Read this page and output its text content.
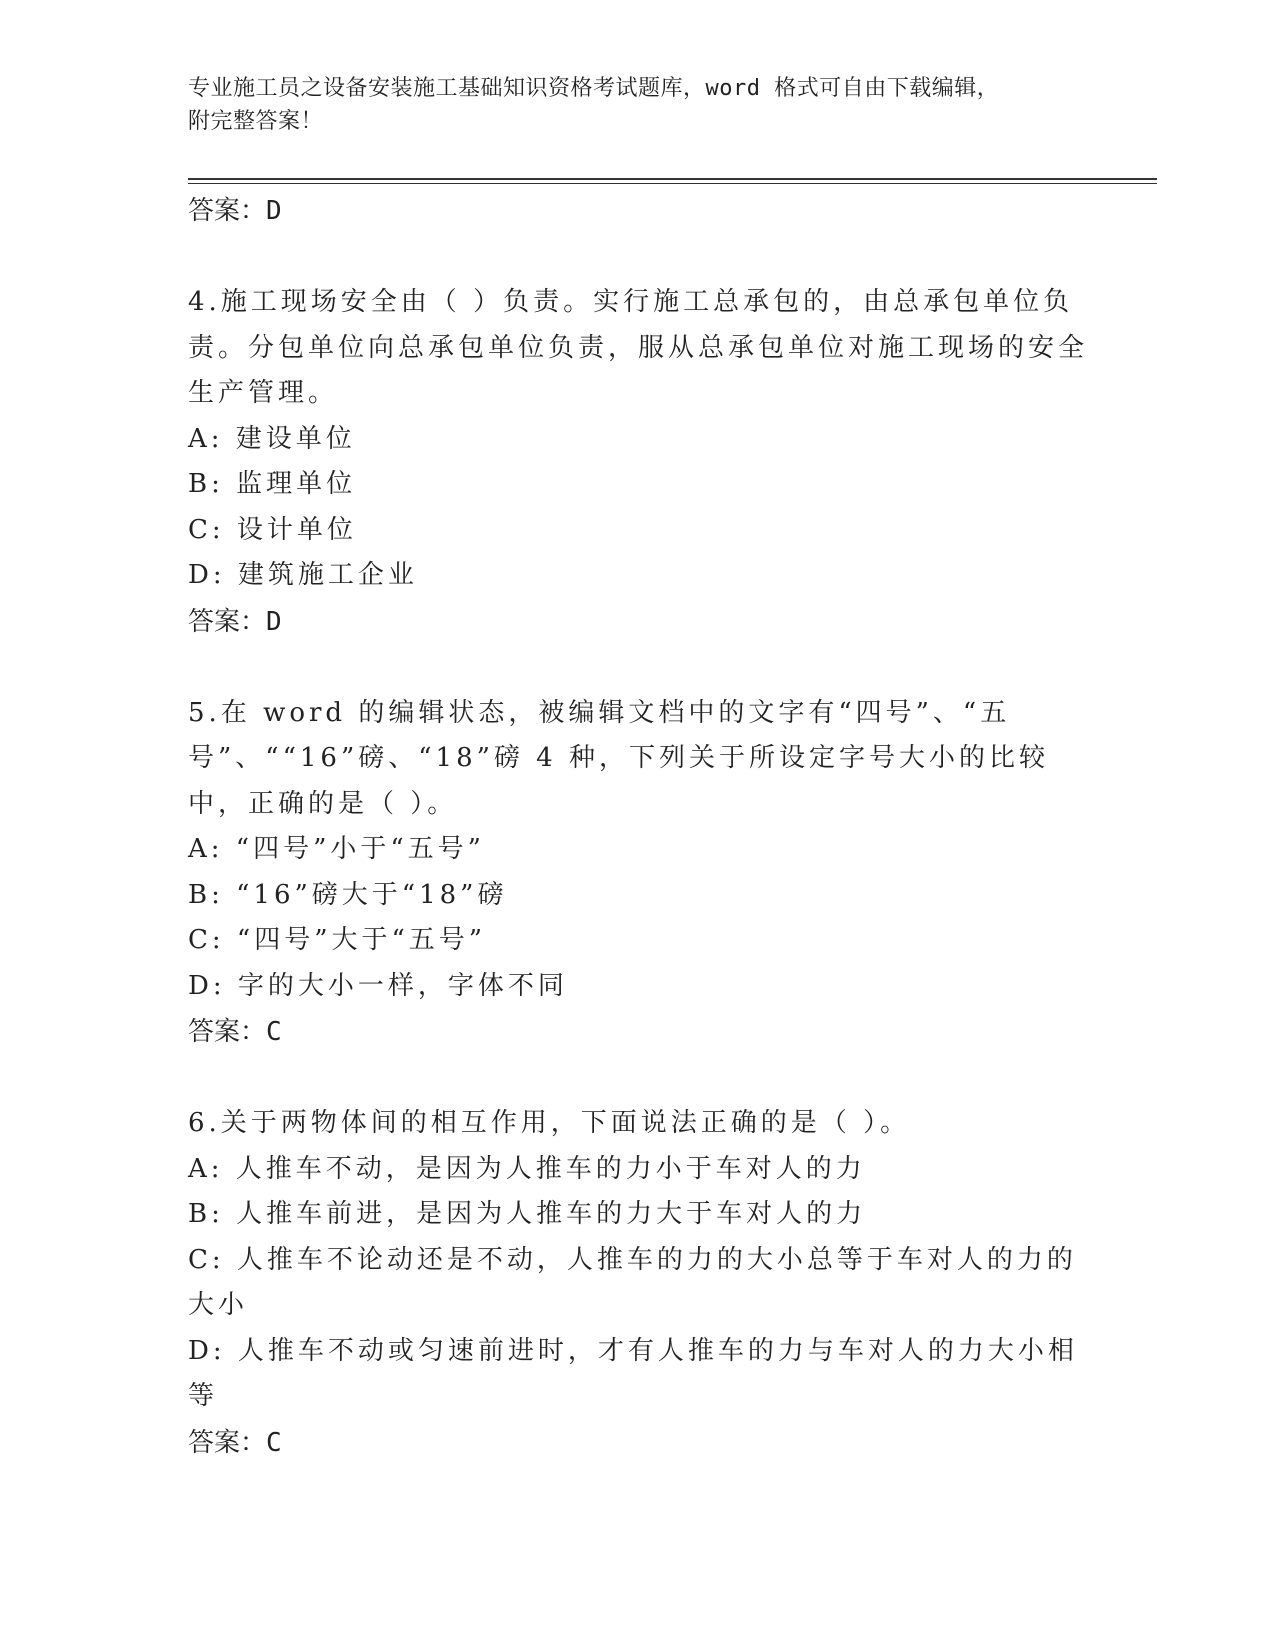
专业施工员之设备安装施工基础知识资格考试题库，word 格式可自由下载编辑，
附完整答案！
答案：D
4.施工现场安全由（ ）负责。实行施工总承包的，由总承包单位负责。分包单位向总承包单位负责，服从总承包单位对施工现场的安全生产管理。
A: 建设单位
B: 监理单位
C: 设计单位
D: 建筑施工企业
答案：D
5.在 word 的编辑状态，被编辑文档中的文字有“四号”、“五号”、““16”磅、“18”磅 4 种，下列关于所设定字号大小的比较中，正确的是（ ）。
A: “四号”小于“五号”
B: “16”磅大于“18”磅
C: “四号”大于“五号”
D: 字的大小一样，字体不同
答案：C
6.关于两物体间的相互作用，下面说法正确的是（ ）。
A: 人推车不动，是因为人推车的力小于车对人的力
B: 人推车前进，是因为人推车的力大于车对人的力
C: 人推车不论动还是不动，人推车的力的大小总等于车对人的力的大小
D: 人推车不动或匀速前进时，才有人推车的力与车对人的力大小相等
答案：C
